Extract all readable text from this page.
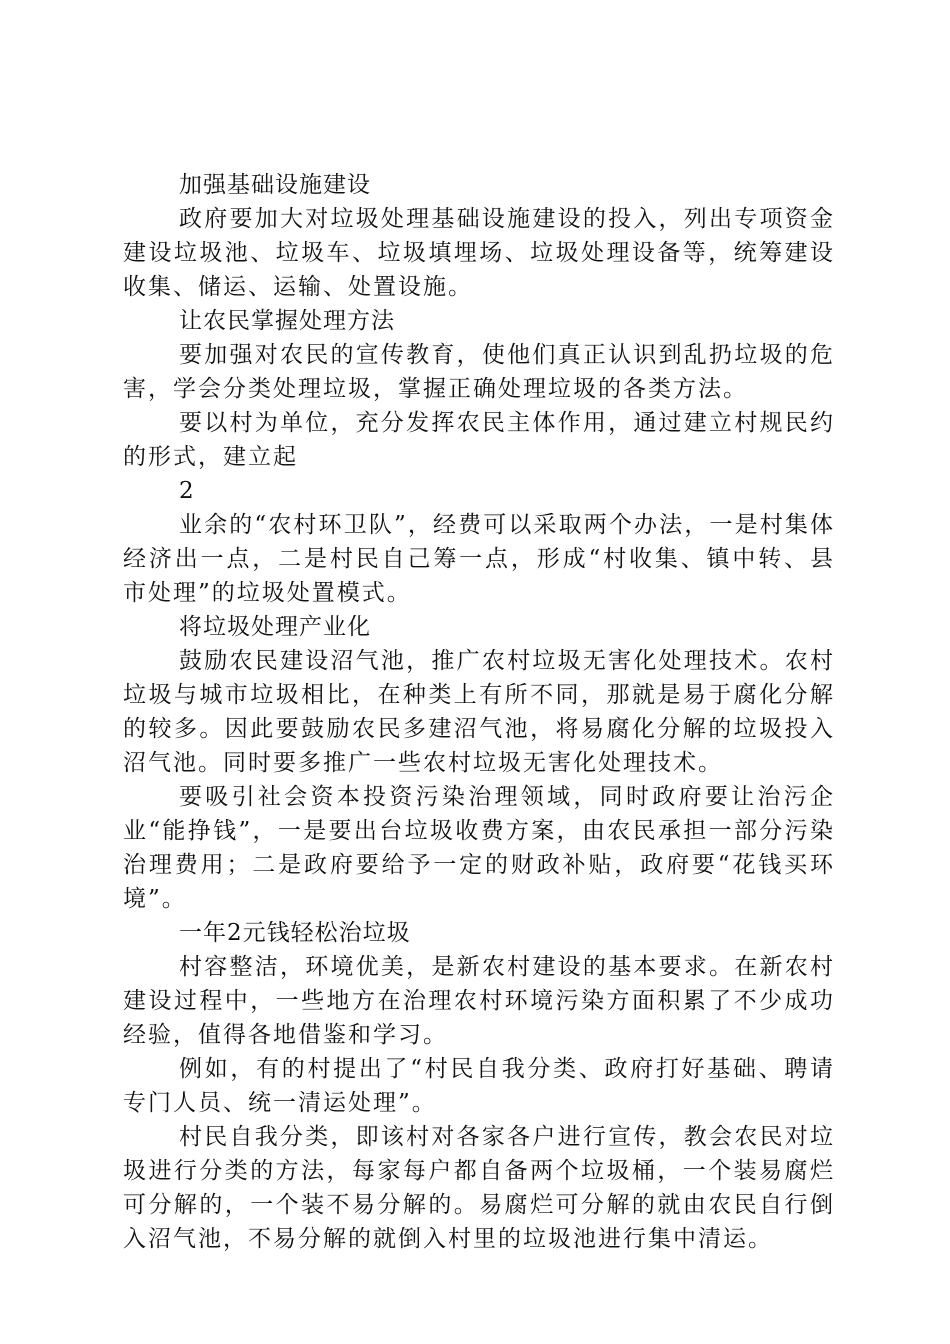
加强基础设施建设

政府要加大对垃圾处理基础设施建设的投入，列出专项资金建设垃圾池、垃圾车、垃圾填埋场、垃圾处理设备等，统筹建设收集、储运、运输、处置设施。

让农民掌握处理方法

要加强对农民的宣传教育，使他们真正认识到乱扔垃圾的危害，学会分类处理垃圾，掌握正确处理垃圾的各类方法。

要以村为单位，充分发挥农民主体作用，通过建立村规民约的形式，建立起

2

业余的“农村环卫队”，经费可以采取两个办法，一是村集体经济出一点，二是村民自己筹一点，形成“村收集、镇中转、县市处理”的垃圾处置模式。

将垃圾处理产业化

鼓励农民建设沼气池，推广农村垃圾无害化处理技术。农村垃圾与城市垃圾相比，在种类上有所不同，那就是易于腐化分解的较多。因此要鼓励农民多建沼气池，将易腐化分解的垃圾投入沼气池。同时要多推广一些农村垃圾无害化处理技术。

要吸引社会资本投资污染治理领域，同时政府要让治污企业“能挣钱”，一是要出台垃圾收费方案，由农民承担一部分污染治理费用；二是政府要给予一定的财政补贴，政府要“花钱买环境”。

一年2元钱轻松治垃圾

村容整洁，环境优美，是新农村建设的基本要求。在新农村建设过程中，一些地方在治理农村环境污染方面积累了不少成功经验，值得各地借鉴和学习。

例如，有的村提出了“村民自我分类、政府打好基础、聘请专门人员、统一清运处理”。

村民自我分类，即该村对各家各户进行宣传，教会农民对垃圾进行分类的方法，每家每户都自备两个垃圾桶，一个装易腐烂可分解的，一个装不易分解的。易腐烂可分解的就由农民自行倒入沼气池，不易分解的就倒入村里的垃圾池进行集中清运。
